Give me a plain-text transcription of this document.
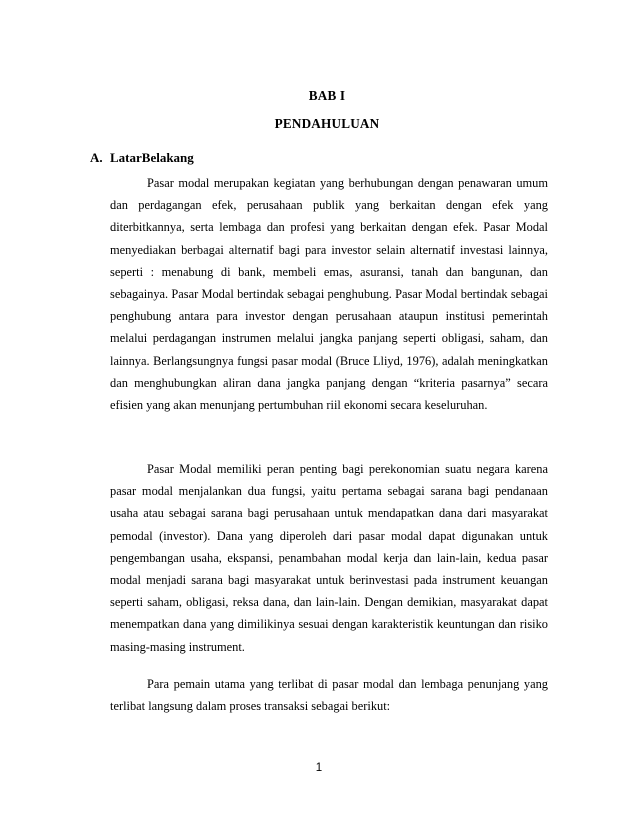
BAB I
PENDAHULUAN
A. LatarBelakang

Pasar modal merupakan kegiatan yang berhubungan dengan penawaran umum dan perdagangan efek, perusahaan publik yang berkaitan dengan efek yang diterbitkannya, serta lembaga dan profesi yang berkaitan dengan efek. Pasar Modal menyediakan berbagai alternatif bagi para investor selain alternatif investasi lainnya, seperti : menabung di bank, membeli emas, asuransi, tanah dan bangunan, dan sebagainya. Pasar Modal bertindak sebagai penghubung. Pasar Modal bertindak sebagai penghubung antara para investor dengan perusahaan ataupun institusi pemerintah melalui perdagangan instrumen melalui jangka panjang seperti obligasi, saham, dan lainnya. Berlangsungnya fungsi pasar modal (Bruce Lliyd, 1976), adalah meningkatkan dan menghubungkan aliran dana jangka panjang dengan “kriteria pasarnya” secara efisien yang akan menunjang pertumbuhan riil ekonomi secara keseluruhan.

Pasar Modal memiliki peran penting bagi perekonomian suatu negara karena pasar modal menjalankan dua fungsi, yaitu pertama sebagai sarana bagi pendanaan usaha atau sebagai sarana bagi perusahaan untuk mendapatkan dana dari masyarakat pemodal (investor). Dana yang diperoleh dari pasar modal dapat digunakan untuk pengembangan usaha, ekspansi, penambahan modal kerja dan lain-lain, kedua pasar modal menjadi sarana bagi masyarakat untuk berinvestasi pada instrument keuangan seperti saham, obligasi, reksa dana, dan lain-lain. Dengan demikian, masyarakat dapat menempatkan dana yang dimilikinya sesuai dengan karakteristik keuntungan dan risiko masing-masing instrument.

Para pemain utama yang terlibat di pasar modal dan lembaga penunjang yang terlibat langsung dalam proses transaksi sebagai berikut:

1
